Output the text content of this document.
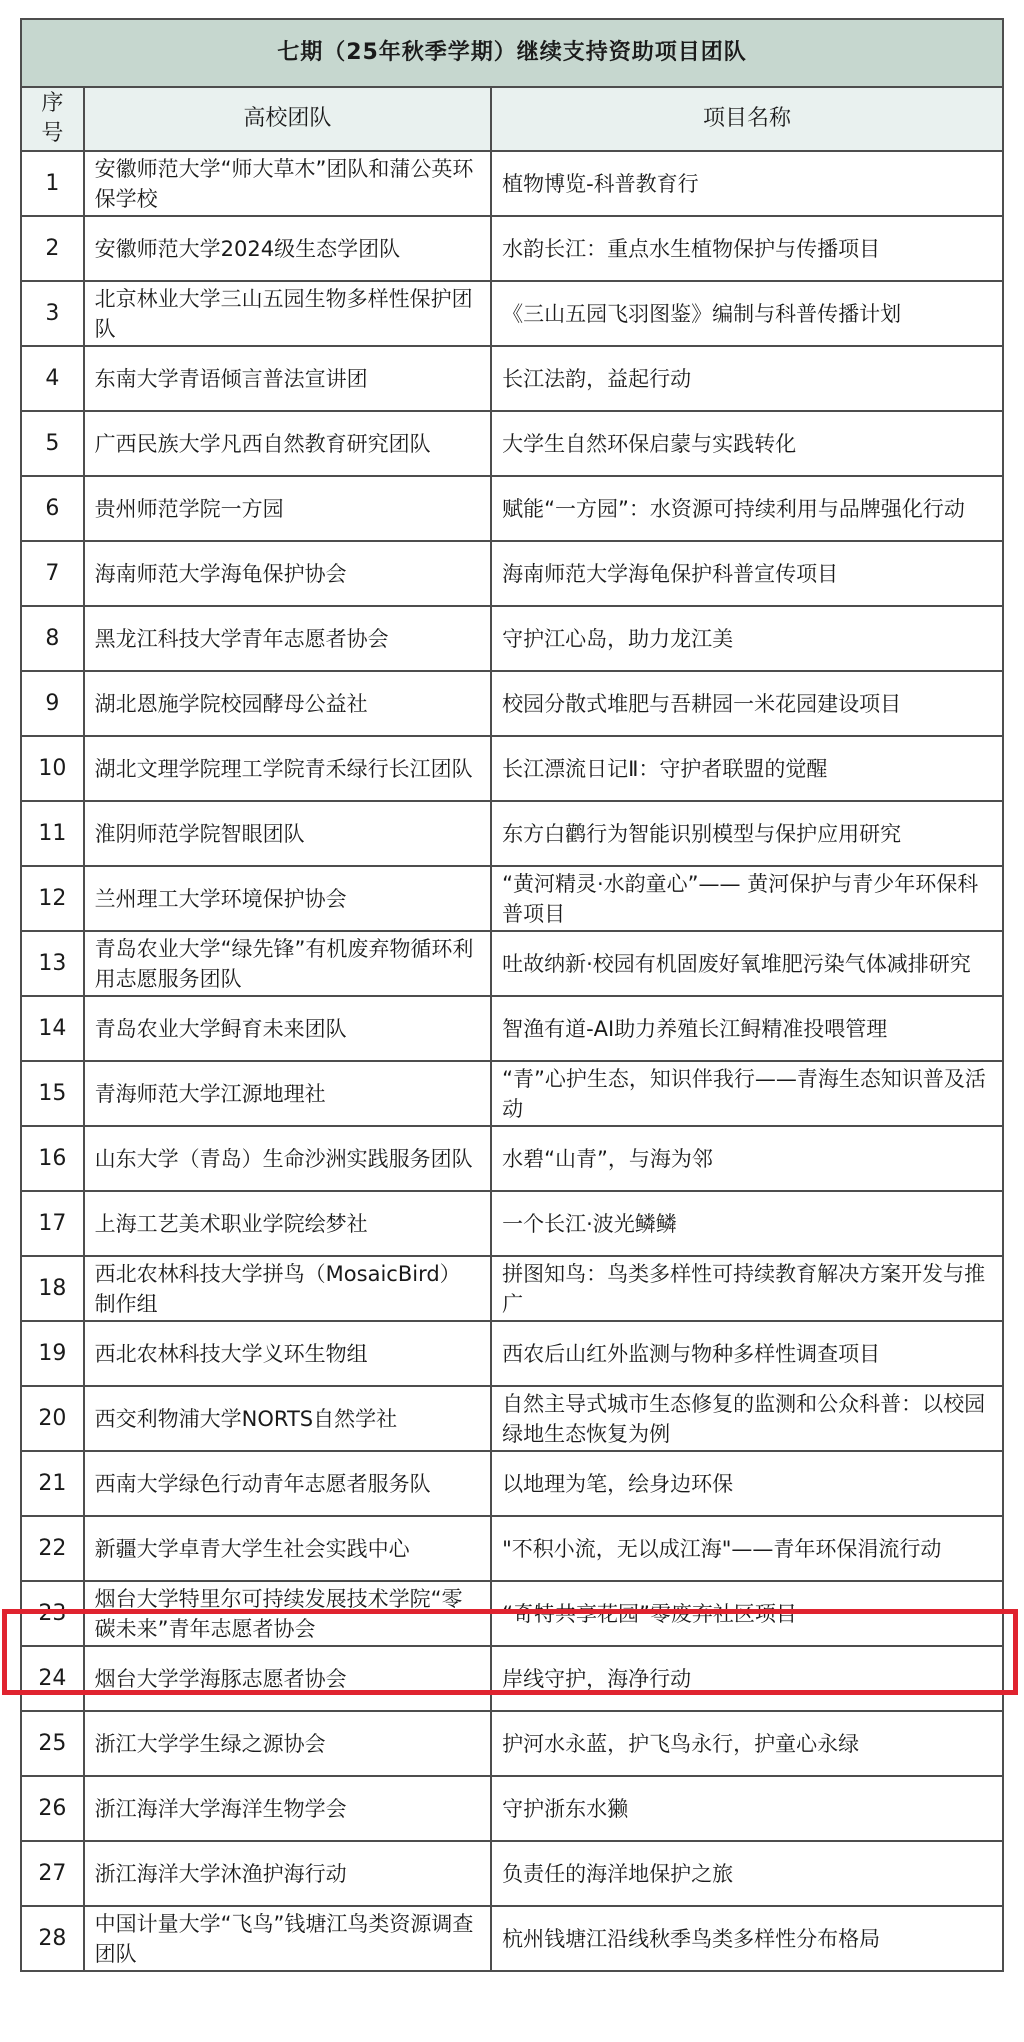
七期（25年秋季学期）继续支持资助项目团队		
序号	高校团队	项目名称
1	安徽师范大学“师大草木”团队和蒲公英环保学校	植物博览-科普教育行
2	安徽师范大学2024级生态学团队	水韵长江：重点水生植物保护与传播项目
3	北京林业大学三山五园生物多样性保护团队	《三山五园飞羽图鉴》编制与科普传播计划
4	东南大学青语倾言普法宣讲团	长江法韵，益起行动
5	广西民族大学凡西自然教育研究团队	大学生自然环保启蒙与实践转化
6	贵州师范学院一方园	赋能“一方园”：水资源可持续利用与品牌强化行动
7	海南师范大学海龟保护协会	海南师范大学海龟保护科普宣传项目
8	黑龙江科技大学青年志愿者协会	守护江心岛，助力龙江美
9	湖北恩施学院校园酵母公益社	校园分散式堆肥与吾耕园一米花园建设项目
10	湖北文理学院理工学院青禾绿行长江团队	长江漂流日记Ⅱ：守护者联盟的觉醒
11	淮阴师范学院智眼团队	东方白鹳行为智能识别模型与保护应用研究
12	兰州理工大学环境保护协会	“黄河精灵·水韵童心”—— 黄河保护与青少年环保科普项目
13	青岛农业大学“绿先锋”有机废弃物循环利用志愿服务团队	吐故纳新·校园有机固废好氧堆肥污染气体减排研究
14	青岛农业大学鲟育未来团队	智渔有道-AI助力养殖长江鲟精准投喂管理
15	青海师范大学江源地理社	“青”心护生态，知识伴我行——青海生态知识普及活动
16	山东大学（青岛）生命沙洲实践服务团队	水碧“山青”，与海为邻
17	上海工艺美术职业学院绘梦社	一个长江·波光鳞鳞
18	西北农林科技大学拼鸟（MosaicBird）制作组	拼图知鸟：鸟类多样性可持续教育解决方案开发与推广
19	西北农林科技大学义环生物组	西农后山红外监测与物种多样性调查项目
20	西交利物浦大学NORTS自然学社	自然主导式城市生态修复的监测和公众科普：以校园绿地生态恢复为例
21	西南大学绿色行动青年志愿者服务队	以地理为笔，绘身边环保
22	新疆大学卓青大学生社会实践中心	"不积小流，无以成江海"——青年环保涓流行动
23	烟台大学特里尔可持续发展技术学院“零碳未来”青年志愿者协会	“奇特共享花园”零废弃社区项目
24	烟台大学学海豚志愿者协会	岸线守护，海净行动
25	浙江大学学生绿之源协会	护河水永蓝，护飞鸟永行，护童心永绿
26	浙江海洋大学海洋生物学会	守护浙东水獭
27	浙江海洋大学沐渔护海行动	负责任的海洋地保护之旅
28	中国计量大学“飞鸟”钱塘江鸟类资源调查团队	杭州钱塘江沿线秋季鸟类多样性分布格局
